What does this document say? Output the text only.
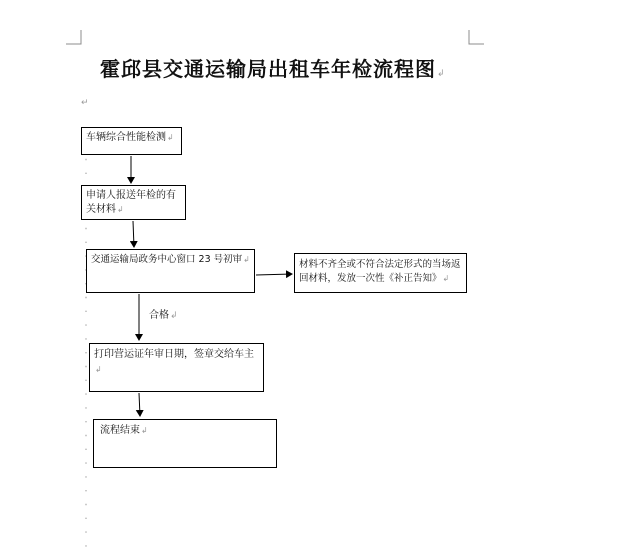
霍邱县交通运输局出租车年检流程图↲
↵
车辆综合性能检测↲
申请人报送年检的有关材料↲
交通运输局政务中心窗口 23 号初审↲	材料不齐全或不符合法定形式的当场返回材料，发放一次性《补正告知》↲
合格↲
打印营运证年审日期，签章交给车主↲
流程结束↲
